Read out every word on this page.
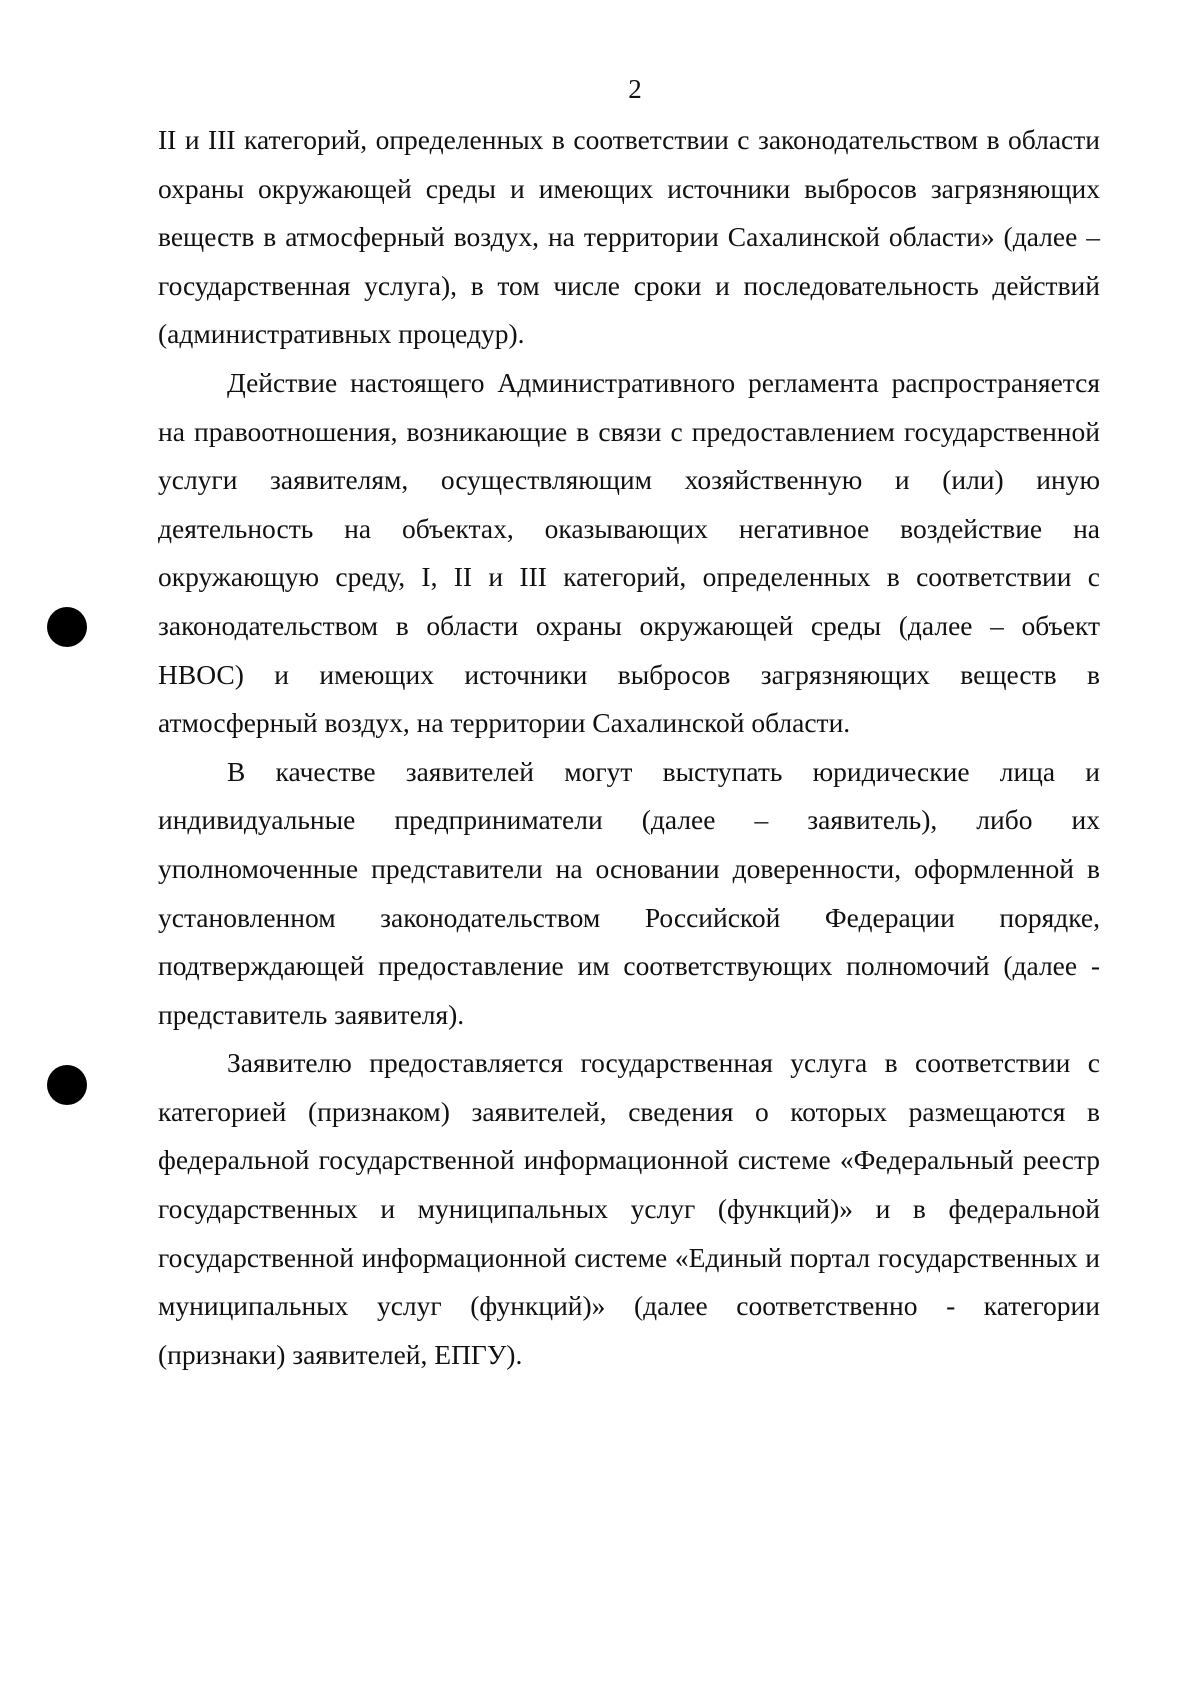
2

II и III категорий, определенных в соответствии с законодательством в области охраны окружающей среды и имеющих источники выбросов загрязняющих веществ в атмосферный воздух, на территории Сахалинской области» (далее – государственная услуга), в том числе сроки и последовательность действий (административных процедур).

Действие настоящего Административного регламента распространяется на правоотношения, возникающие в связи с предоставлением государственной услуги заявителям, осуществляющим хозяйственную и (или) иную деятельность на объектах, оказывающих негативное воздействие на окружающую среду, I, II и III категорий, определенных в соответствии с законодательством в области охраны окружающей среды (далее – объект НВОС) и имеющих источники выбросов загрязняющих веществ в атмосферный воздух, на территории Сахалинской области.

В качестве заявителей могут выступать юридические лица и индивидуальные предприниматели (далее – заявитель), либо их уполномоченные представители на основании доверенности, оформленной в установленном законодательством Российской Федерации порядке, подтверждающей предоставление им соответствующих полномочий (далее - представитель заявителя).

Заявителю предоставляется государственная услуга в соответствии с категорией (признаком) заявителей, сведения о которых размещаются в федеральной государственной информационной системе «Федеральный реестр государственных и муниципальных услуг (функций)» и в федеральной государственной информационной системе «Единый портал государственных и муниципальных услуг (функций)» (далее соответственно - категории (признаки) заявителей, ЕПГУ).
